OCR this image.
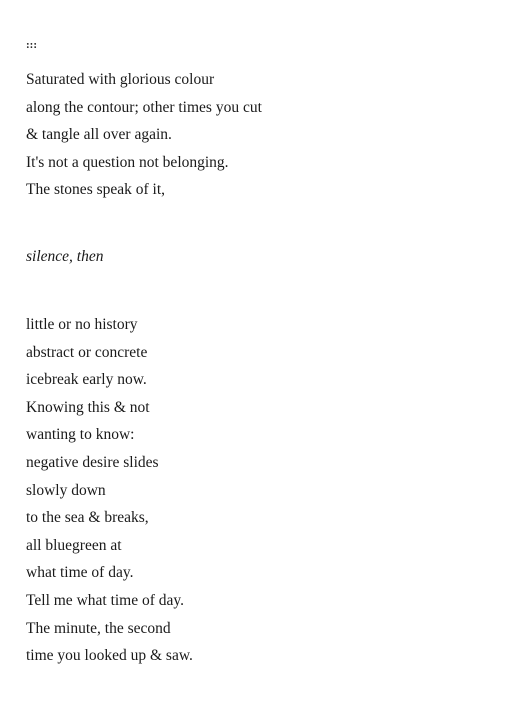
:::
Saturated with glorious colour
along the contour; other times you cut
& tangle all over again.
It's not a question not belonging.
The stones speak of it,
silence, then
little or no history
abstract or concrete
icebreak early now.
Knowing this & not
wanting to know:
negative desire slides
slowly down
to the sea & breaks,
all bluegreen at
what time of day.
Tell me what time of day.
The minute, the second
time you looked up & saw.
